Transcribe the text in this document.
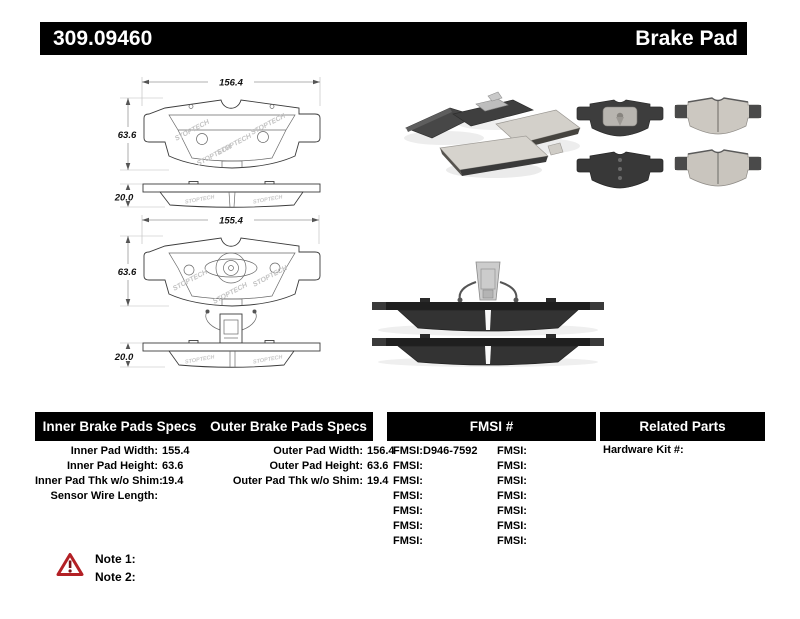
309.09460	Brake Pad
156.4
63.6	STOPTECH
STOPTECH
STOPTECH
STOPTECH
20.0	STOPTECH	STOPTECH
155.4
63.6	STOPTECH	STOPTECH
STOPTECH
20.0	STOPTECH	STOPTECH
Inner Brake Pads Specs	Outer Brake Pads Specs	FMSI #	Related Parts
Inner Pad Width: 155.4
Inner Pad Height: 63.6
Inner Pad Thk w/o Shim: 19.4
Sensor Wire Length:
Outer Pad Width: 156.4
Outer Pad Height: 63.6
Outer Pad Thk w/o Shim: 19.4
FMSI: D946-7592	FMSI:
FMSI:	FMSI:
FMSI:	FMSI:
FMSI:	FMSI:
FMSI:	FMSI:
FMSI:	FMSI:
FMSI:	FMSI:
Hardware Kit #:
Note 1:
Note 2:
